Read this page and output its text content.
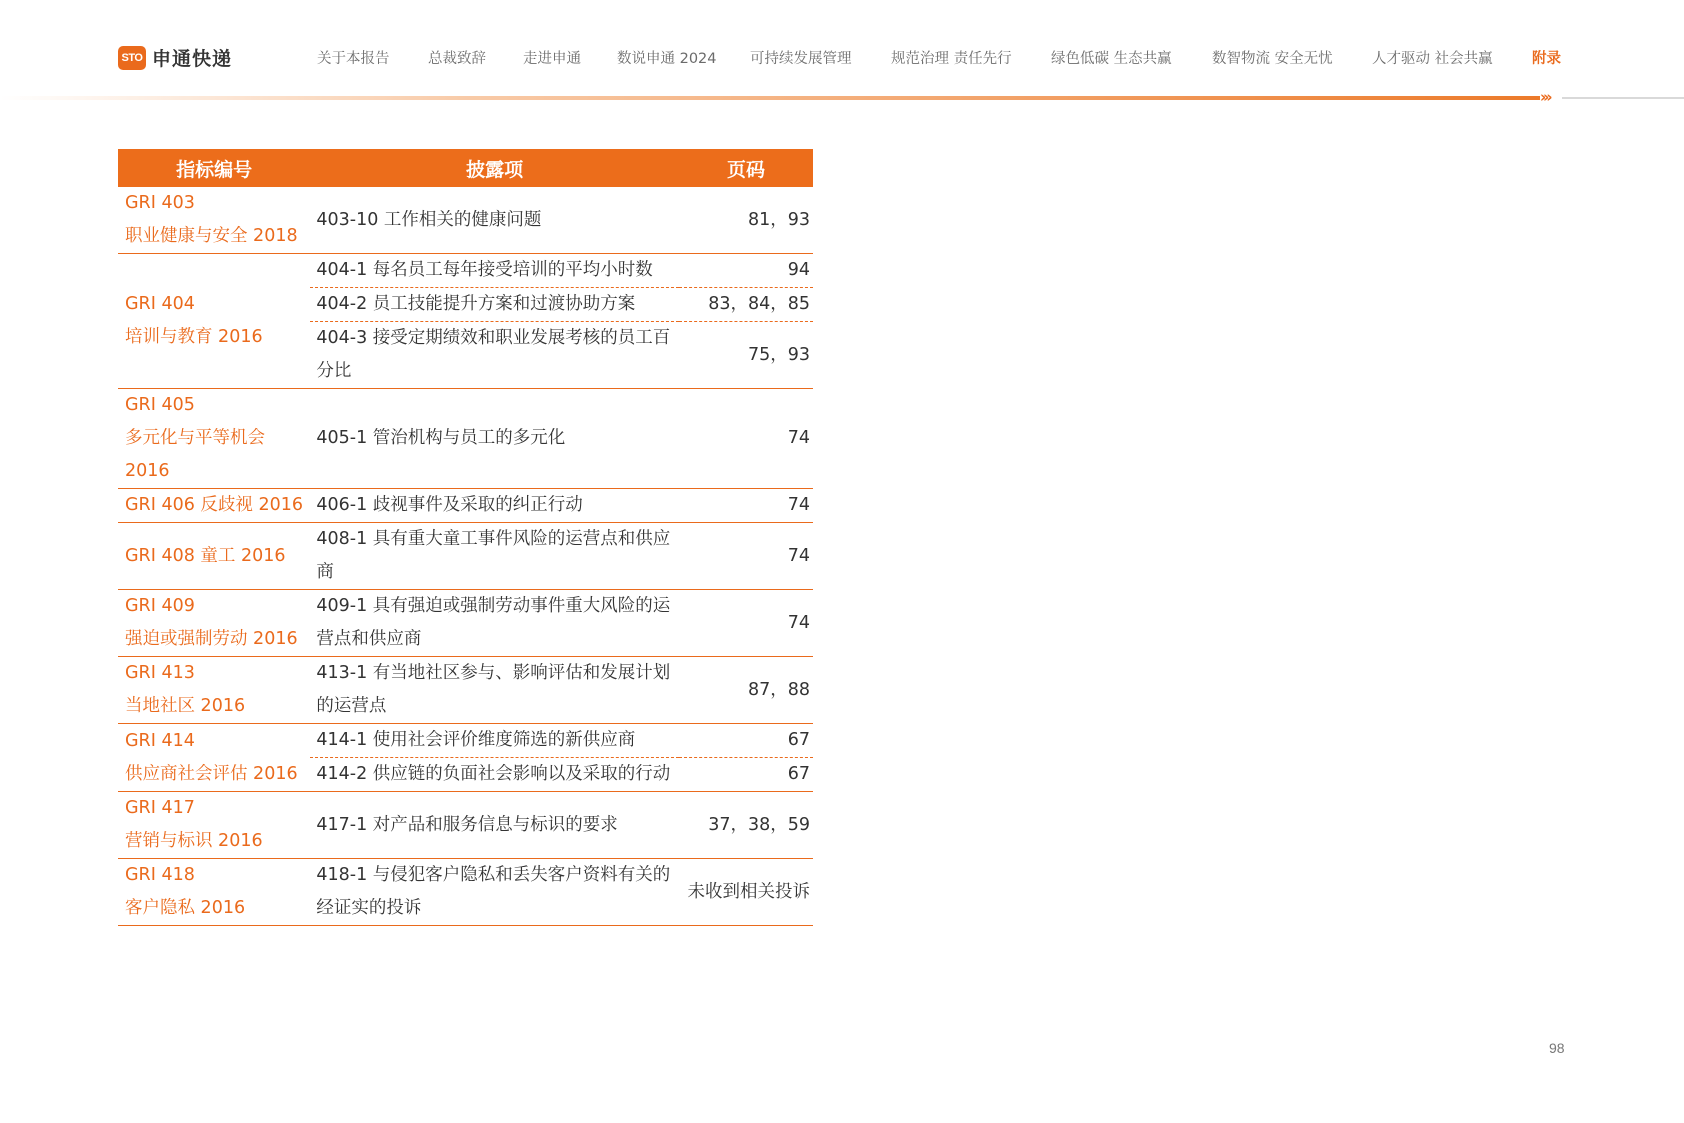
STO 申通快递	关于本报告	总裁致辞	走进申通 数说申通 2024 可持续发展管理	规范治理 责任先行	绿色低碳 生态共赢	数智物流 安全无忧	人才驱动 社会共赢	附录
›››
指标编号	披露项	页码

GRI 403
职业健康与安全 2018	403-10 工作相关的健康问题	81，93

GRI 404
培训与教育 2016	404-1 每名员工每年接受培训的平均小时数	94
	404-2 员工技能提升方案和过渡协助方案	83，84，85
	404-3 接受定期绩效和职业发展考核的员工百分比	75，93

GRI 405
多元化与平等机会
2016	405-1 管治机构与员工的多元化	74

GRI 406 反歧视 2016	406-1 歧视事件及采取的纠正行动	74

GRI 408 童工 2016	408-1 具有重大童工事件风险的运营点和供应商	74

GRI 409
强迫或强制劳动 2016	409-1 具有强迫或强制劳动事件重大风险的运营点和供应商	74

GRI 413
当地社区 2016	413-1 有当地社区参与、影响评估和发展计划的运营点	87，88

GRI 414
供应商社会评估 2016	414-1 使用社会评价维度筛选的新供应商	67
	414-2 供应链的负面社会影响以及采取的行动	67

GRI 417
营销与标识 2016	417-1 对产品和服务信息与标识的要求	37，38，59

GRI 418
客户隐私 2016	418-1 与侵犯客户隐私和丢失客户资料有关的经证实的投诉	未收到相关投诉
98
